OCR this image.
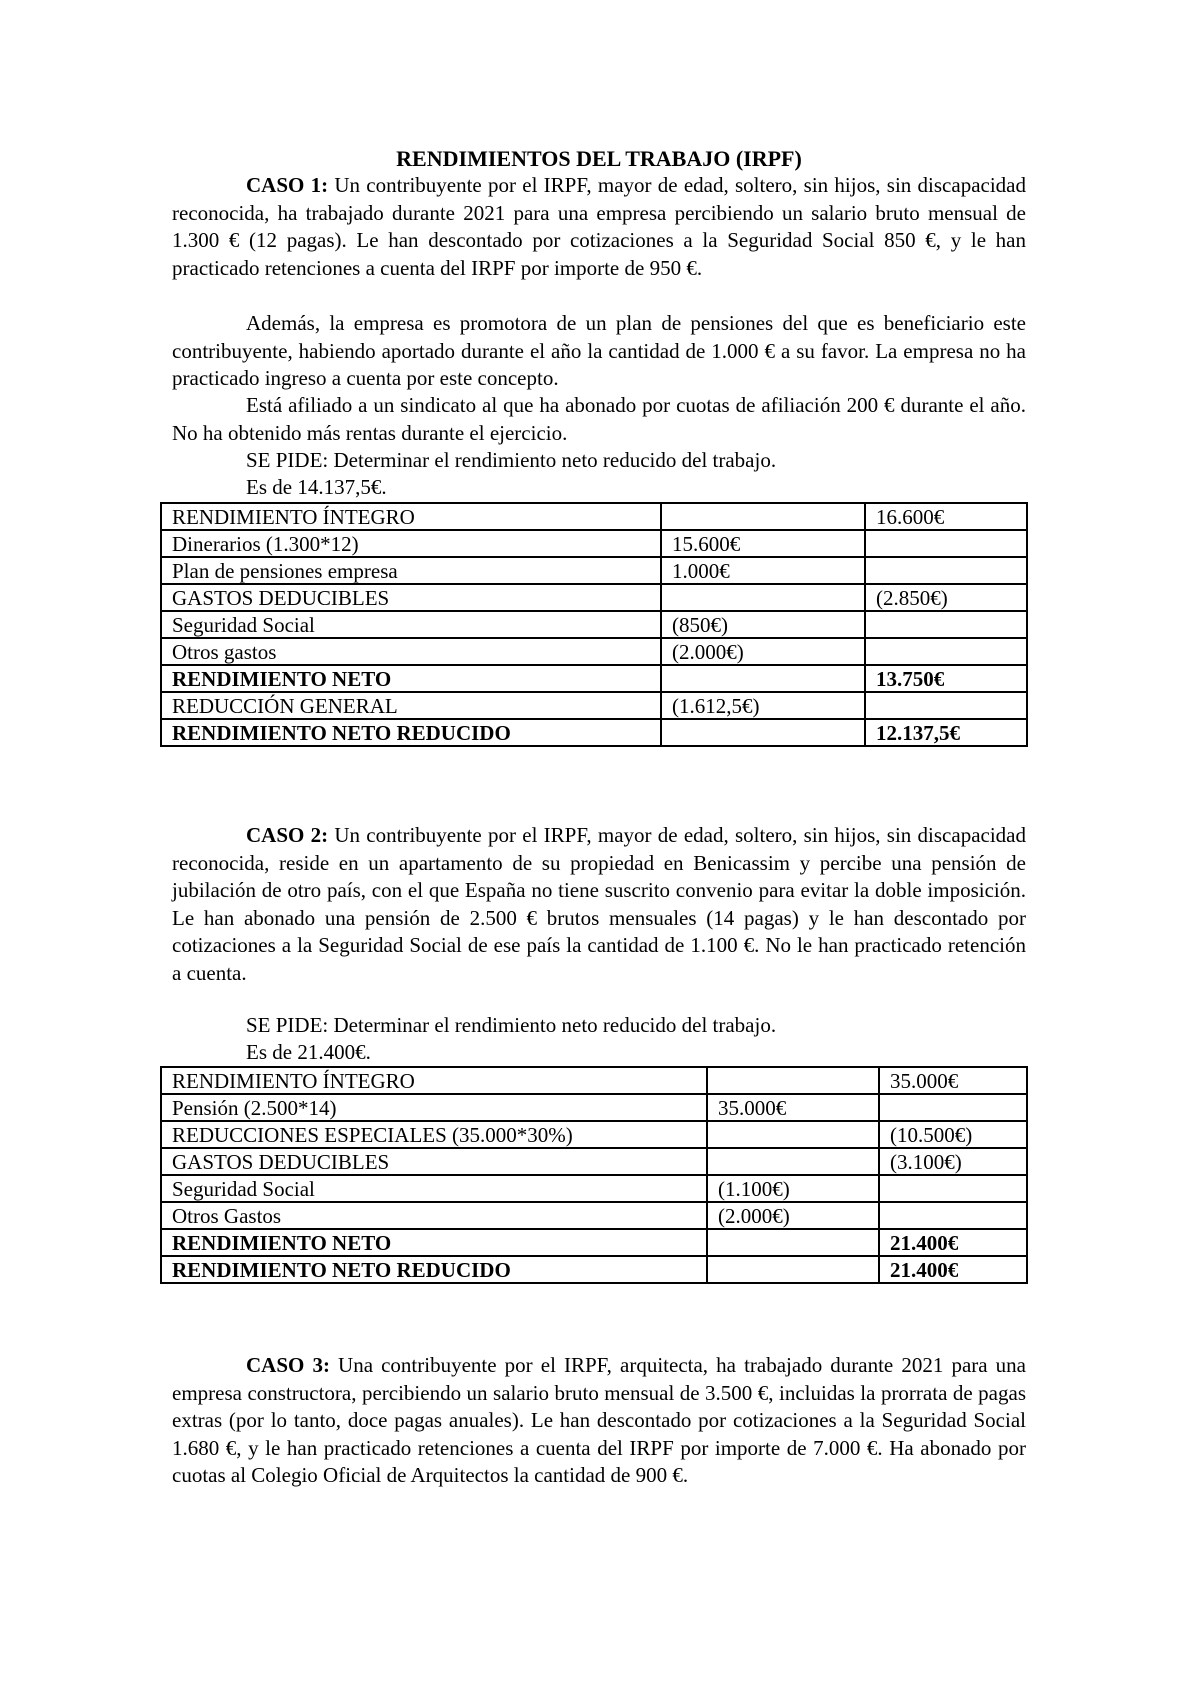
RENDIMIENTOS DEL TRABAJO (IRPF)

CASO 1: Un contribuyente por el IRPF, mayor de edad, soltero, sin hijos, sin discapacidad reconocida, ha trabajado durante 2021 para una empresa percibiendo un salario bruto mensual de 1.300 € (12 pagas). Le han descontado por cotizaciones a la Seguridad Social 850 €, y le han practicado retenciones a cuenta del IRPF por importe de 950 €.

Además, la empresa es promotora de un plan de pensiones del que es beneficiario este contribuyente, habiendo aportado durante el año la cantidad de 1.000 € a su favor. La empresa no ha practicado ingreso a cuenta por este concepto.

Está afiliado a un sindicato al que ha abonado por cuotas de afiliación 200 € durante el año. No ha obtenido más rentas durante el ejercicio.

SE PIDE: Determinar el rendimiento neto reducido del trabajo.

Es de 14.137,5€.

RENDIMIENTO ÍNTEGRO		16.600€
Dinerarios (1.300*12)	15.600€	
Plan de pensiones empresa	1.000€	
GASTOS DEDUCIBLES		(2.850€)
Seguridad Social	(850€)	
Otros gastos	(2.000€)	
RENDIMIENTO NETO		13.750€
REDUCCIÓN GENERAL	(1.612,5€)	
RENDIMIENTO NETO REDUCIDO		12.137,5€

CASO 2: Un contribuyente por el IRPF, mayor de edad, soltero, sin hijos, sin discapacidad reconocida, reside en un apartamento de su propiedad en Benicassim y percibe una pensión de jubilación de otro país, con el que España no tiene suscrito convenio para evitar la doble imposición. Le han abonado una pensión de 2.500 € brutos mensuales (14 pagas) y le han descontado por cotizaciones a la Seguridad Social de ese país la cantidad de 1.100 €. No le han practicado retención a cuenta.

SE PIDE: Determinar el rendimiento neto reducido del trabajo.

Es de 21.400€.

RENDIMIENTO ÍNTEGRO		35.000€
Pensión (2.500*14)	35.000€	
REDUCCIONES ESPECIALES (35.000*30%)		(10.500€)
GASTOS DEDUCIBLES		(3.100€)
Seguridad Social	(1.100€)	
Otros Gastos	(2.000€)	
RENDIMIENTO NETO		21.400€
RENDIMIENTO NETO REDUCIDO		21.400€

CASO 3: Una contribuyente por el IRPF, arquitecta, ha trabajado durante 2021 para una empresa constructora, percibiendo un salario bruto mensual de 3.500 €, incluidas la prorrata de pagas extras (por lo tanto, doce pagas anuales). Le han descontado por cotizaciones a la Seguridad Social 1.680 €, y le han practicado retenciones a cuenta del IRPF por importe de 7.000 €. Ha abonado por cuotas al Colegio Oficial de Arquitectos la cantidad de 900 €.
